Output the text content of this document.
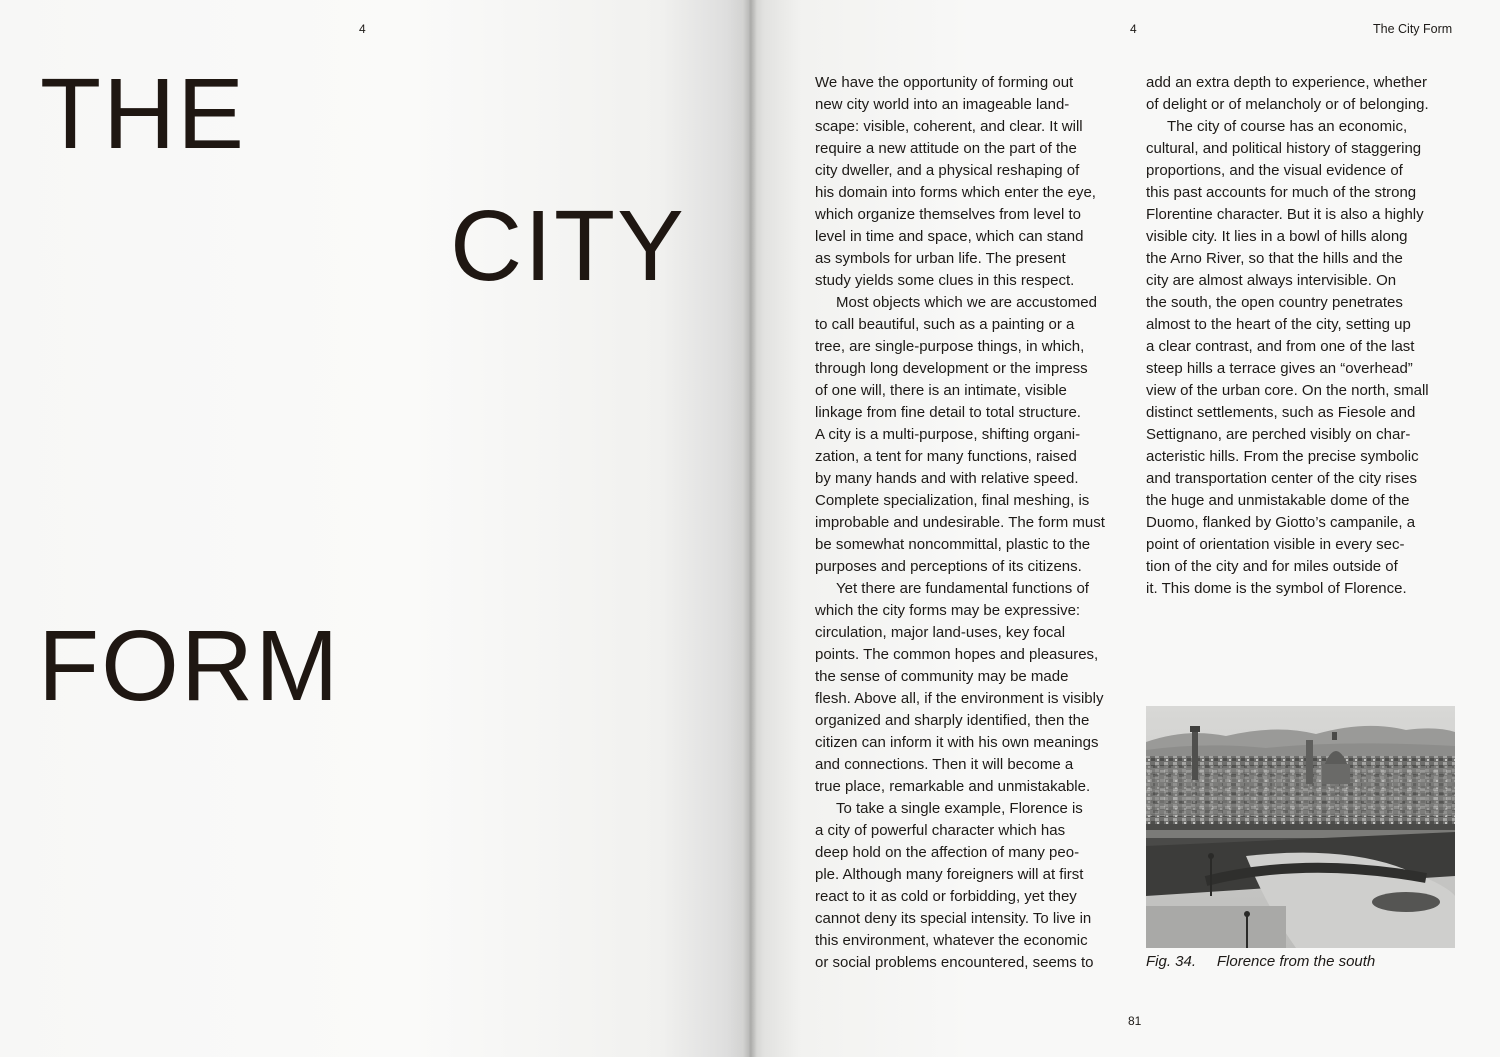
4
THE
CITY
FORM
4	The City Form

We have the opportunity of forming out
new city world into an imageable land-
scape: visible, coherent, and clear. It will
require a new attitude on the part of the
city dweller, and a physical reshaping of
his domain into forms which enter the eye,
which organize themselves from level to
level in time and space, which can stand
as symbols for urban life. The present
study yields some clues in this respect.

Most objects which we are accustomed
to call beautiful, such as a painting or a
tree, are single-purpose things, in which,
through long development or the impress
of one will, there is an intimate, visible
linkage from fine detail to total structure.
A city is a multi-purpose, shifting organi-
zation, a tent for many functions, raised
by many hands and with relative speed.
Complete specialization, final meshing, is
improbable and undesirable. The form must
be somewhat noncommittal, plastic to the
purposes and perceptions of its citizens.

Yet there are fundamental functions of
which the city forms may be expressive:
circulation, major land-uses, key focal
points. The common hopes and pleasures,
the sense of community may be made
flesh. Above all, if the environment is visibly
organized and sharply identified, then the
citizen can inform it with his own meanings
and connections. Then it will become a
true place, remarkable and unmistakable.

To take a single example, Florence is
a city of powerful character which has
deep hold on the affection of many peo-
ple. Although many foreigners will at first
react to it as cold or forbidding, yet they
cannot deny its special intensity. To live in
this environment, whatever the economic
or social problems encountered, seems to

add an extra depth to experience, whether
of delight or of melancholy or of belonging.

The city of course has an economic,
cultural, and political history of staggering
proportions, and the visual evidence of
this past accounts for much of the strong
Florentine character. But it is also a highly
visible city. It lies in a bowl of hills along
the Arno River, so that the hills and the
city are almost always intervisible. On
the south, the open country penetrates
almost to the heart of the city, setting up
a clear contrast, and from one of the last
steep hills a terrace gives an “overhead”
view of the urban core. On the north, small
distinct settlements, such as Fiesole and
Settignano, are perched visibly on char-
acteristic hills. From the precise symbolic
and transportation center of the city rises
the huge and unmistakable dome of the
Duomo, flanked by Giotto’s campanile, a
point of orientation visible in every sec-
tion of the city and for miles outside of
it. This dome is the symbol of Florence.

Fig. 34.     Florence from the south
81
